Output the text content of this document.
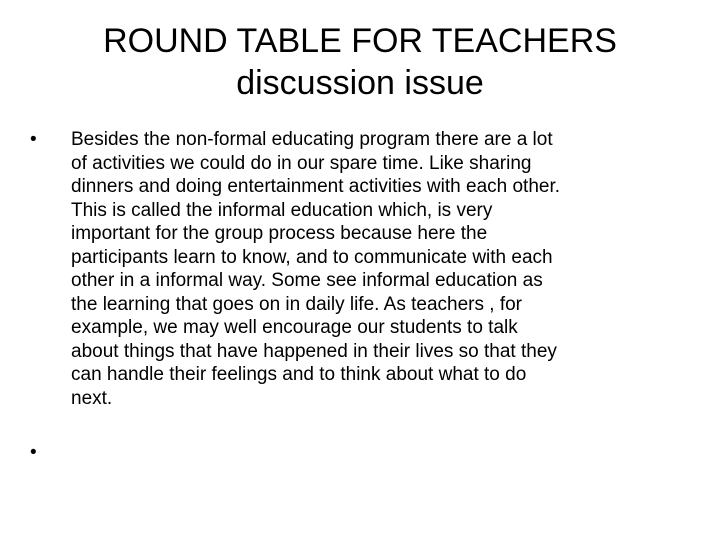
ROUND TABLE FOR TEACHERS
discussion issue
•	Besides the non-formal educating program there are a lot
of activities we could do in our spare time. Like sharing
dinners and doing entertainment activities with each other.
This is called the informal education which, is very
important for the group process because here the
participants learn to know, and to communicate with each
other in a informal way. Some see informal education as
the learning that goes on in daily life. As teachers , for
example, we may well encourage our students to talk
about things that have happened in their lives so that they
can handle their feelings and to think about what to do
next.
•
